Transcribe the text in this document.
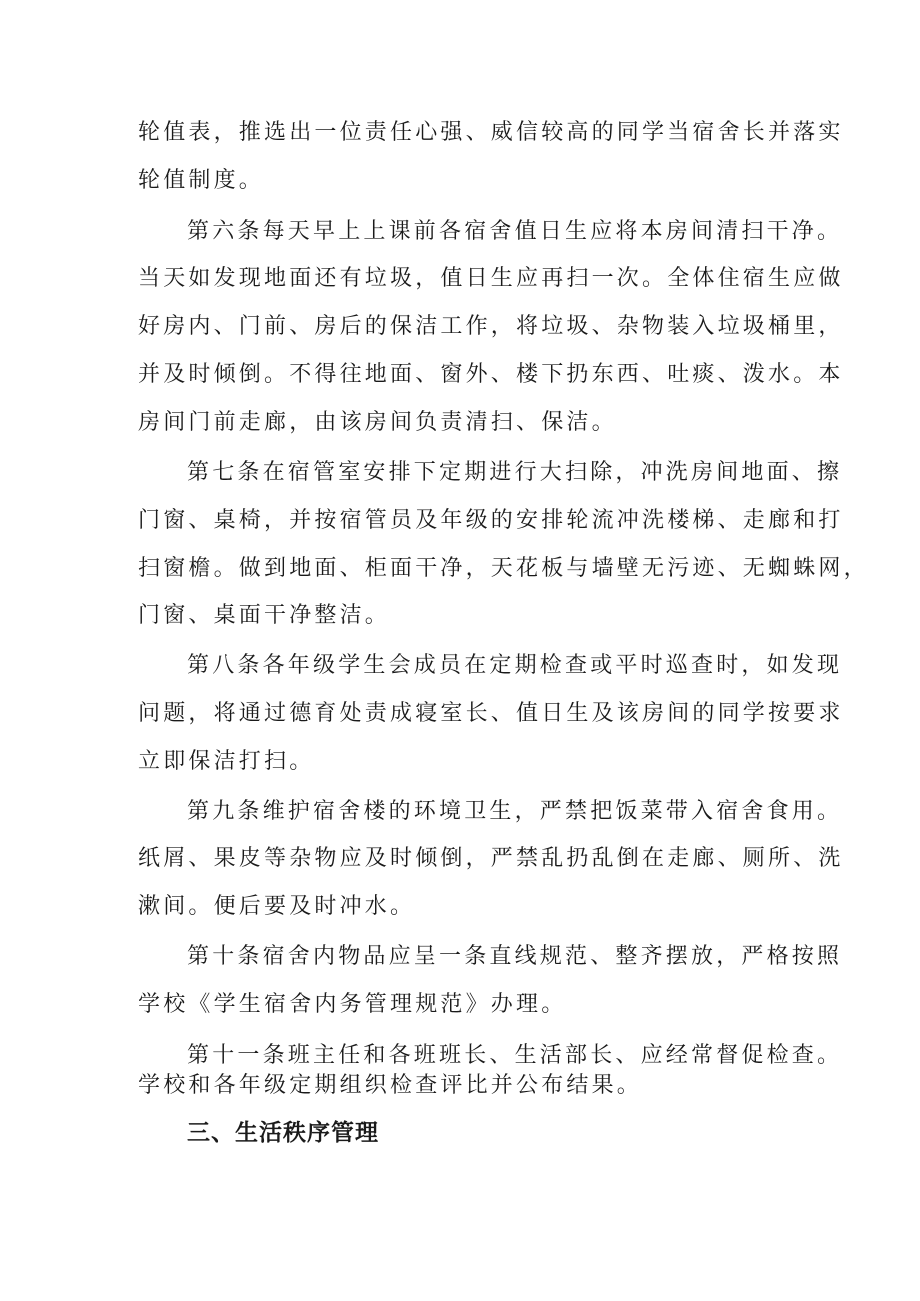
轮值表，推选出一位责任心强、威信较高的同学当宿舍长并落实
轮值制度。
第六条每天早上上课前各宿舍值日生应将本房间清扫干净。
当天如发现地面还有垃圾，值日生应再扫一次。全体住宿生应做
好房内、门前、房后的保洁工作，将垃圾、杂物装入垃圾桶里，
并及时倾倒。不得往地面、窗外、楼下扔东西、吐痰、泼水。本
房间门前走廊，由该房间负责清扫、保洁。
第七条在宿管室安排下定期进行大扫除，冲洗房间地面、擦
门窗、桌椅，并按宿管员及年级的安排轮流冲洗楼梯、走廊和打
扫窗檐。做到地面、柜面干净，天花板与墙壁无污迹、无蜘蛛网，
门窗、桌面干净整洁。
第八条各年级学生会成员在定期检查或平时巡查时，如发现
问题，将通过德育处责成寝室长、值日生及该房间的同学按要求
立即保洁打扫。
第九条维护宿舍楼的环境卫生，严禁把饭菜带入宿舍食用。
纸屑、果皮等杂物应及时倾倒，严禁乱扔乱倒在走廊、厕所、洗
漱间。便后要及时冲水。
第十条宿舍内物品应呈一条直线规范、整齐摆放，严格按照
学校《学生宿舍内务管理规范》办理。
第十一条班主任和各班班长、生活部长、应经常督促检查。
学校和各年级定期组织检查评比并公布结果。
三、生活秩序管理
